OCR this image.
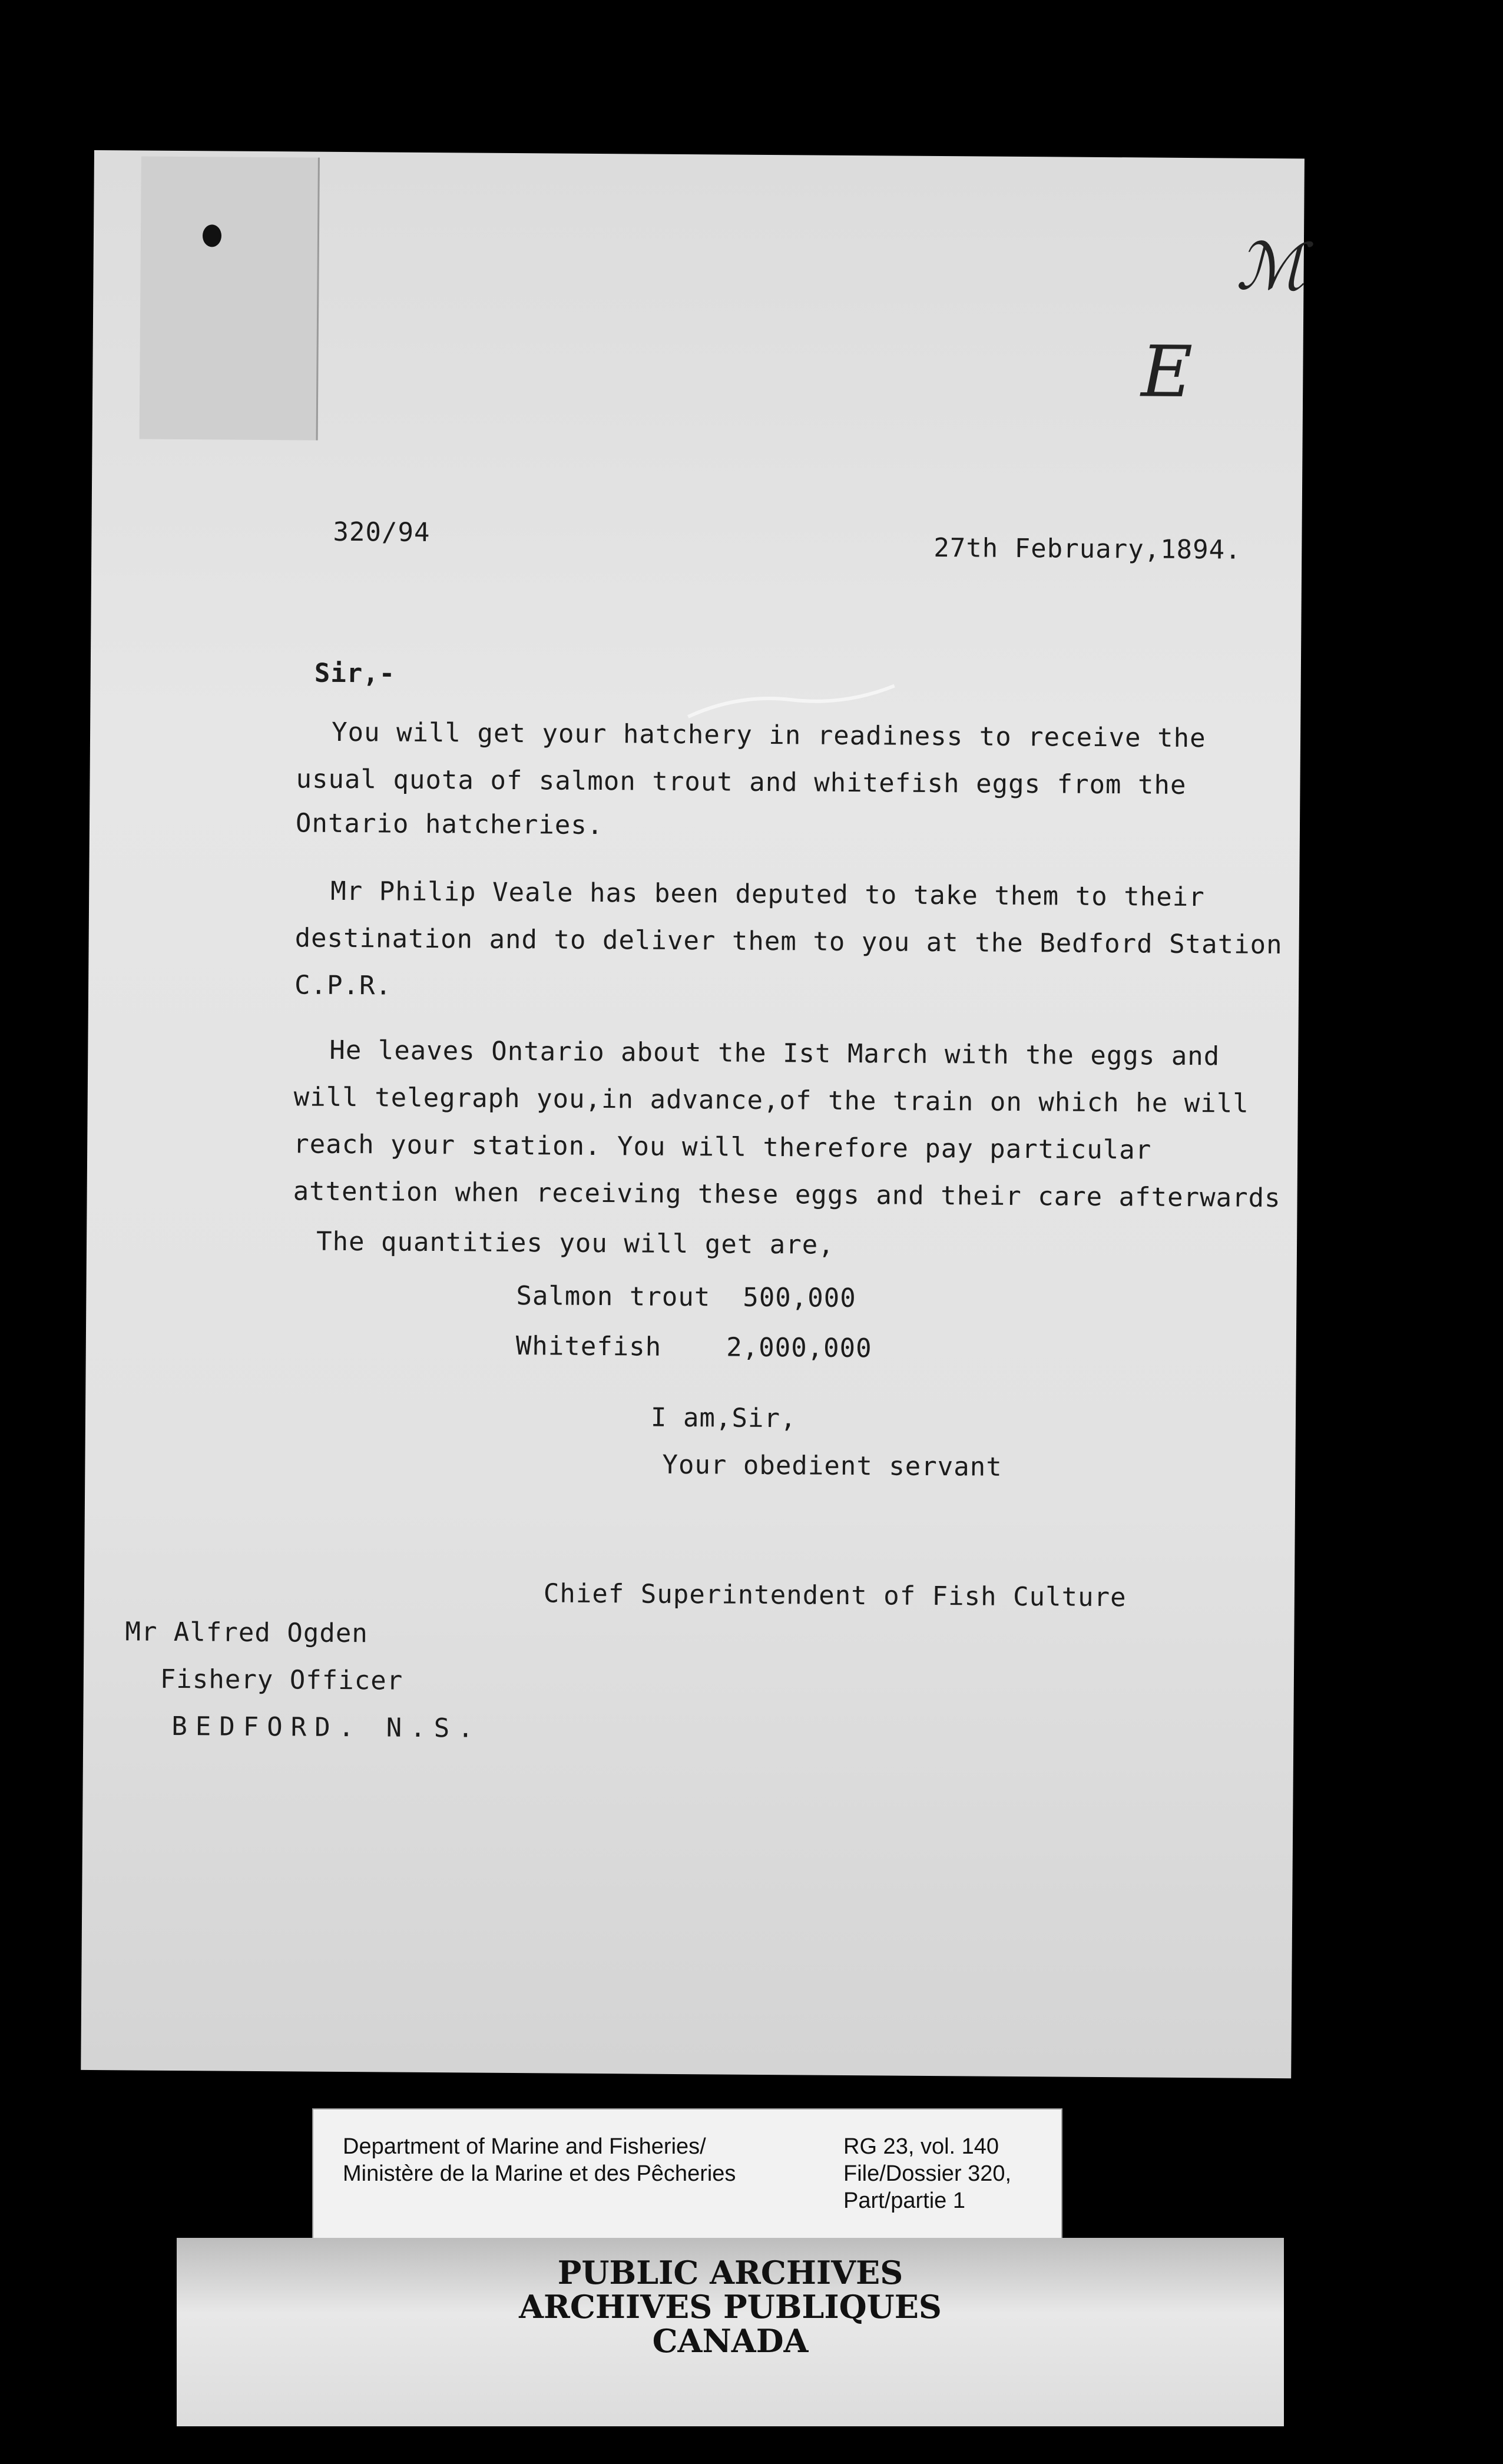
ℳ
E
320/94
27th February,1894.
Sir,-
You will get your hatchery in readiness to receive the
usual quota of salmon trout and whitefish eggs from the
Ontario hatcheries.
Mr Philip Veale has been deputed to take them to their
destination and to deliver them to you at the Bedford Station
C.P.R.
He leaves Ontario about the Ist March with the eggs and
will telegraph you,in advance,of the train on which he will
reach your station. You will therefore pay particular
attention when receiving these eggs and their care afterwards
The quantities you will get are,
Salmon trout 500,000
Whitefish 2,000,000
I am,Sir,
Your obedient servant
Chief Superintendent of Fish Culture
Mr Alfred Ogden
Fishery Officer
BEDFORD. N.S.
Department of Marine and Fisheries/
Ministère de la Marine et des Pêcheries
RG 23, vol. 140
File/Dossier 320,
Part/partie 1
PUBLIC ARCHIVES
ARCHIVES PUBLIQUES
CANADA
